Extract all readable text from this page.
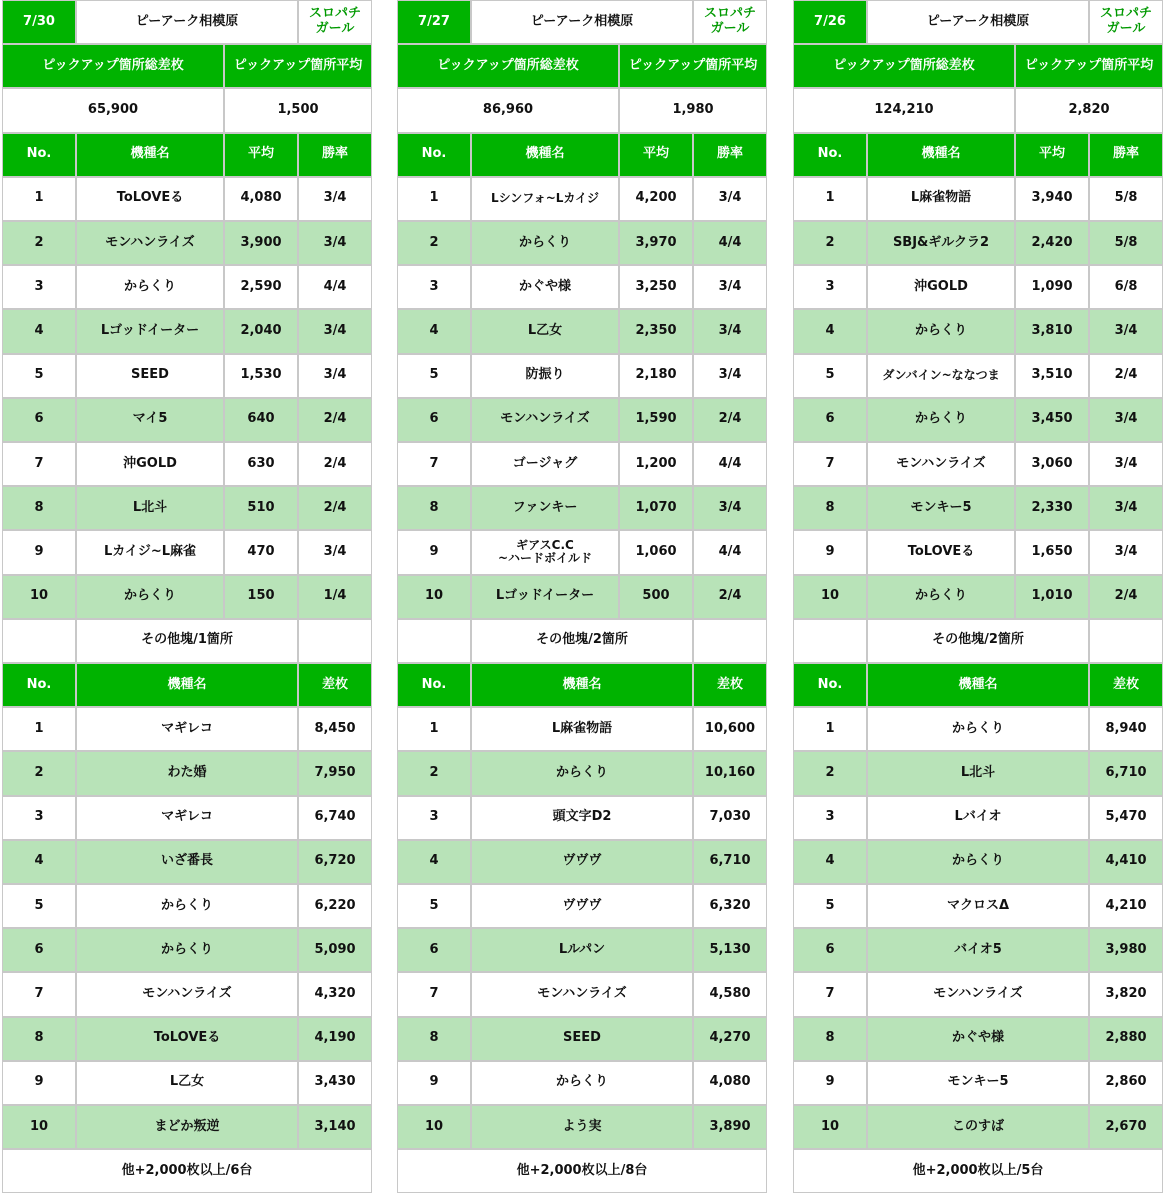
7/30	ピーアーク相模原	スロパチ
ガール
ピックアップ箇所総差枚	ピックアップ箇所平均
65,900	1,500
No.	機種名	平均	勝率
1	ToLOVEる	4,080	3/4
2	モンハンライズ	3,900	3/4
3	からくり	2,590	4/4
4	Lゴッドイーター	2,040	3/4
5	SEED	1,530	3/4
6	マイ5	640	2/4
7	沖GOLD	630	2/4
8	L北斗	510	2/4
9	Lカイジ~L麻雀	470	3/4
10	からくり	150	1/4
その他塊/1箇所
No.	機種名	差枚
1	マギレコ	8,450
2	わた婚	7,950
3	マギレコ	6,740
4	いざ番長	6,720
5	からくり	6,220
6	からくり	5,090
7	モンハンライズ	4,320
8	ToLOVEる	4,190
9	L乙女	3,430
10	まどか叛逆	3,140
他+2,000枚以上/6台
7/27	ピーアーク相模原	スロパチ
ガール
ピックアップ箇所総差枚	ピックアップ箇所平均
86,960	1,980
No.	機種名	平均	勝率
1	Lシンフォ~Lカイジ	4,200	3/4
2	からくり	3,970	4/4
3	かぐや様	3,250	3/4
4	L乙女	2,350	3/4
5	防振り	2,180	3/4
6	モンハンライズ	1,590	2/4
7	ゴージャグ	1,200	4/4
8	ファンキー	1,070	3/4
9	ギアスC.C
~ハードボイルド	1,060	4/4
10	Lゴッドイーター	500	2/4
その他塊/2箇所
No.	機種名	差枚
1	L麻雀物語	10,600
2	からくり	10,160
3	頭文字D2	7,030
4	ヴヴヴ	6,710
5	ヴヴヴ	6,320
6	Lルパン	5,130
7	モンハンライズ	4,580
8	SEED	4,270
9	からくり	4,080
10	よう実	3,890
他+2,000枚以上/8台
7/26	ピーアーク相模原	スロパチ
ガール
ピックアップ箇所総差枚	ピックアップ箇所平均
124,210	2,820
No.	機種名	平均	勝率
1	L麻雀物語	3,940	5/8
2	SBJ&ギルクラ2	2,420	5/8
3	沖GOLD	1,090	6/8
4	からくり	3,810	3/4
5	ダンバイン~ななつま	3,510	2/4
6	からくり	3,450	3/4
7	モンハンライズ	3,060	3/4
8	モンキー5	2,330	3/4
9	ToLOVEる	1,650	3/4
10	からくり	1,010	2/4
その他塊/2箇所
No.	機種名	差枚
1	からくり	8,940
2	L北斗	6,710
3	Lバイオ	5,470
4	からくり	4,410
5	マクロスΔ	4,210
6	バイオ5	3,980
7	モンハンライズ	3,820
8	かぐや様	2,880
9	モンキー5	2,860
10	このすば	2,670
他+2,000枚以上/5台
